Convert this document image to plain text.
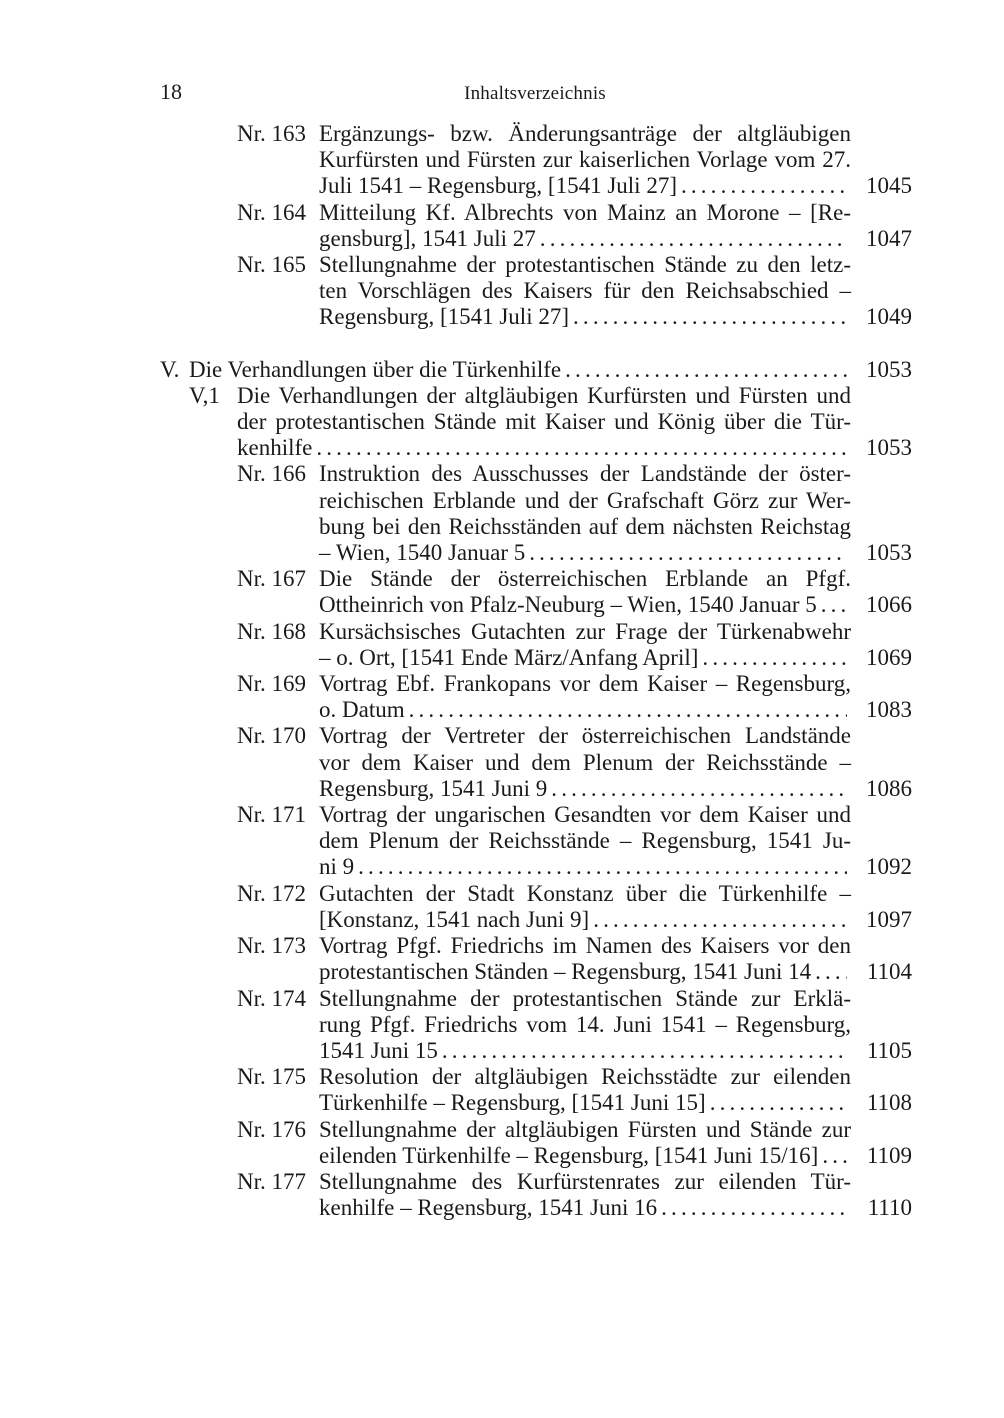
18	Inhaltsverzeichnis
Nr. 163 Ergänzungs- bzw. Änderungsanträge der altgläubigen
Kurfürsten und Fürsten zur kaiserlichen Vorlage vom 27.
Juli 1541 – Regensburg, [1541 Juli 27] . . .	1045
Nr. 164 Mitteilung Kf. Albrechts von Mainz an Morone – [Re-
gensburg], 1541 Juli 27 . . .	1047
Nr. 165 Stellungnahme der protestantischen Stände zu den letz-
ten Vorschlägen des Kaisers für den Reichsabschied –
Regensburg, [1541 Juli 27] . . .	1049
V. Die Verhandlungen über die Türkenhilfe . . .	1053
V,1 Die Verhandlungen der altgläubigen Kurfürsten und Fürsten und
der protestantischen Stände mit Kaiser und König über die Tür-
kenhilfe . . .	1053
Nr. 166 Instruktion des Ausschusses der Landstände der öster-
reichischen Erblande und der Grafschaft Görz zur Wer-
bung bei den Reichsständen auf dem nächsten Reichstag
– Wien, 1540 Januar 5 . . .	1053
Nr. 167 Die Stände der österreichischen Erblande an Pfgf.
Ottheinrich von Pfalz-Neuburg – Wien, 1540 Januar 5 . . . 1066
Nr. 168 Kursächsisches Gutachten zur Frage der Türkenabwehr
– o. Ort, [1541 Ende März/Anfang April] . . .	1069
Nr. 169 Vortrag Ebf. Frankopans vor dem Kaiser – Regensburg,
o. Datum . . .	1083
Nr. 170 Vortrag der Vertreter der österreichischen Landstände
vor dem Kaiser und dem Plenum der Reichsstände –
Regensburg, 1541 Juni 9 . . .	1086
Nr. 171 Vortrag der ungarischen Gesandten vor dem Kaiser und
dem Plenum der Reichsstände – Regensburg, 1541 Ju-
ni 9 . . .	1092
Nr. 172 Gutachten der Stadt Konstanz über die Türkenhilfe –
[Konstanz, 1541 nach Juni 9] . . .	1097
Nr. 173 Vortrag Pfgf. Friedrichs im Namen des Kaisers vor den
protestantischen Ständen – Regensburg, 1541 Juni 14 . . . 1104
Nr. 174 Stellungnahme der protestantischen Stände zur Erklä-
rung Pfgf. Friedrichs vom 14. Juni 1541 – Regensburg,
1541 Juni 15 . . .	1105
Nr. 175 Resolution der altgläubigen Reichsstädte zur eilenden
Türkenhilfe – Regensburg, [1541 Juni 15] . . .	1108
Nr. 176 Stellungnahme der altgläubigen Fürsten und Stände zur
eilenden Türkenhilfe – Regensburg, [1541 Juni 15/16] . . . 1109
Nr. 177 Stellungnahme des Kurfürstenrates zur eilenden Tür-
kenhilfe – Regensburg, 1541 Juni 16 . . .	1110
